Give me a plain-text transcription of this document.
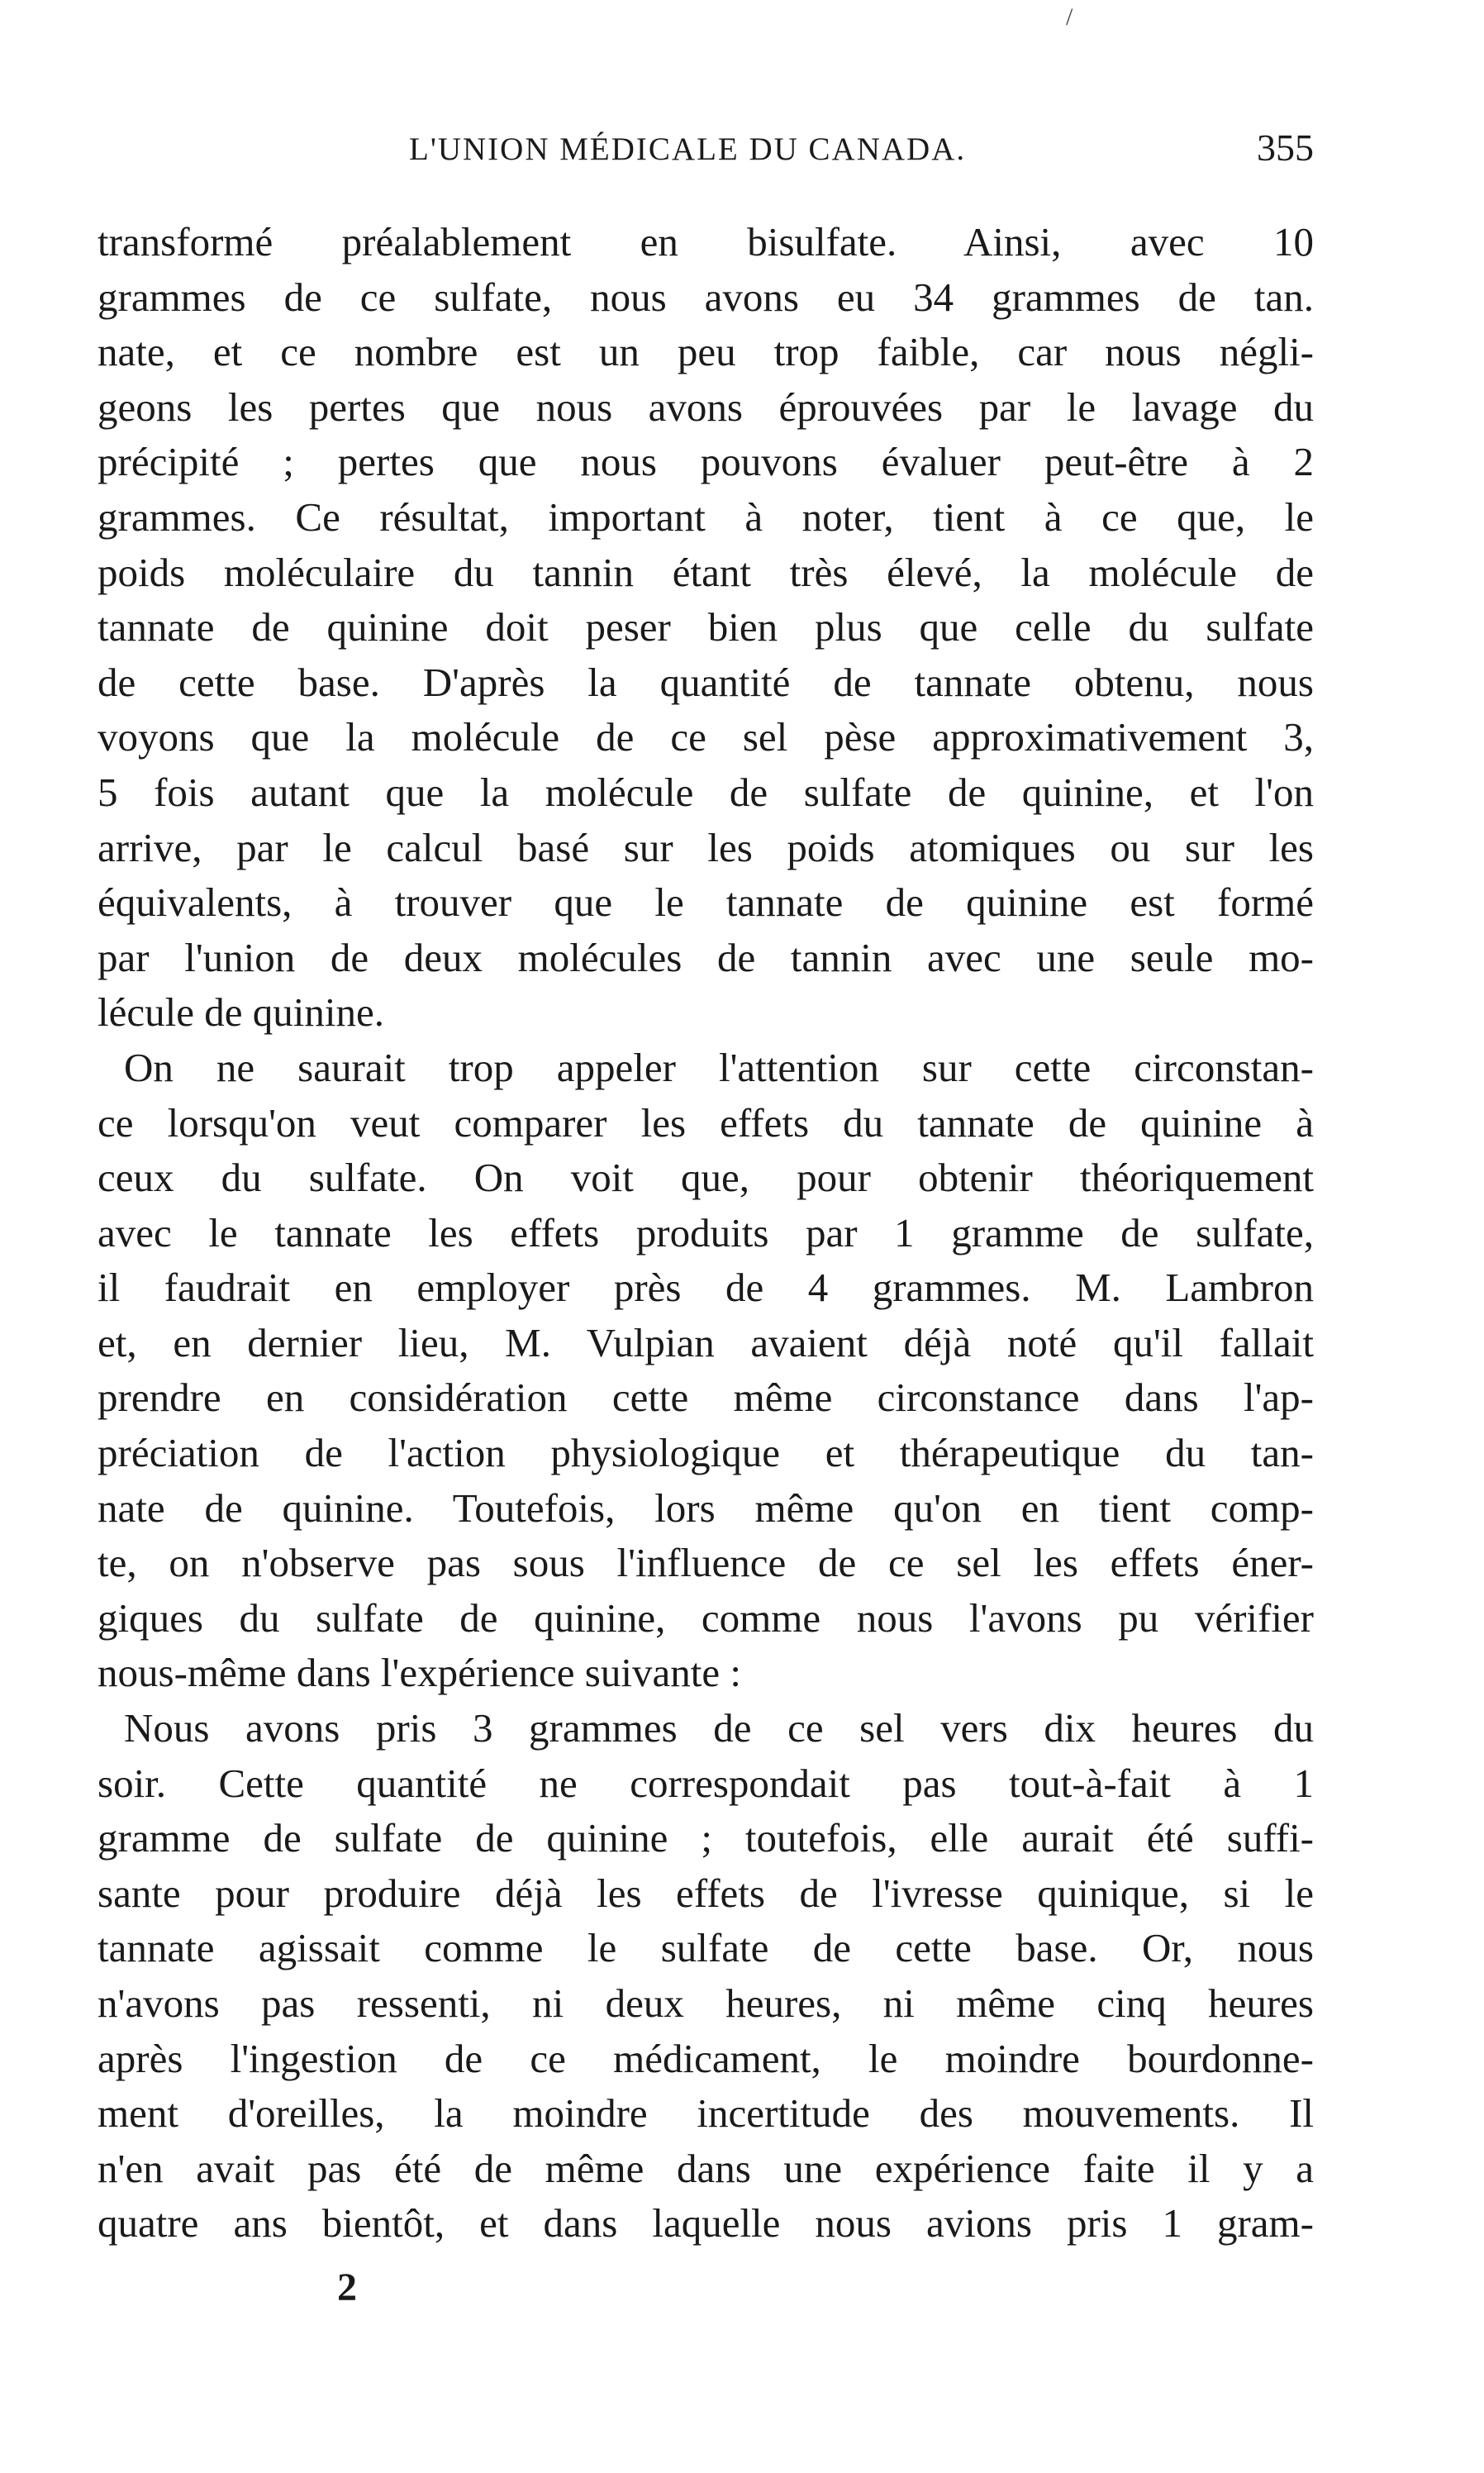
L'UNION MÉDICALE DU CANADA.	355
transformé préalablement en bisulfate. Ainsi, avec 10
grammes de ce sulfate, nous avons eu 34 grammes de tan.
nate, et ce nombre est un peu trop faible, car nous négli-
geons les pertes que nous avons éprouvées par le lavage du
précipité ; pertes que nous pouvons évaluer peut-être à 2
grammes. Ce résultat, important à noter, tient à ce que, le
poids moléculaire du tannin étant très élevé, la molécule de
tannate de quinine doit peser bien plus que celle du sulfate
de cette base. D'après la quantité de tannate obtenu, nous
voyons que la molécule de ce sel pèse approximativement 3,
5 fois autant que la molécule de sulfate de quinine, et l'on
arrive, par le calcul basé sur les poids atomiques ou sur les
équivalents, à trouver que le tannate de quinine est formé
par l'union de deux molécules de tannin avec une seule mo-
lécule de quinine.
On ne saurait trop appeler l'attention sur cette circonstan-
ce lorsqu'on veut comparer les effets du tannate de quinine à
ceux du sulfate. On voit que, pour obtenir théoriquement
avec le tannate les effets produits par 1 gramme de sulfate,
il faudrait en employer près de 4 grammes. M. Lambron
et, en dernier lieu, M. Vulpian avaient déjà noté qu'il fallait
prendre en considération cette même circonstance dans l'ap-
préciation de l'action physiologique et thérapeutique du tan-
nate de quinine. Toutefois, lors même qu'on en tient comp-
te, on n'observe pas sous l'influence de ce sel les effets éner-
giques du sulfate de quinine, comme nous l'avons pu vérifier
nous-même dans l'expérience suivante :
Nous avons pris 3 grammes de ce sel vers dix heures du
soir. Cette quantité ne correspondait pas tout-à-fait à 1
gramme de sulfate de quinine ; toutefois, elle aurait été suffi-
sante pour produire déjà les effets de l'ivresse quinique, si le
tannate agissait comme le sulfate de cette base. Or, nous
n'avons pas ressenti, ni deux heures, ni même cinq heures
après l'ingestion de ce médicament, le moindre bourdonne-
ment d'oreilles, la moindre incertitude des mouvements. Il
n'en avait pas été de même dans une expérience faite il y a
quatre ans bientôt, et dans laquelle nous avions pris 1 gram-
2
/
